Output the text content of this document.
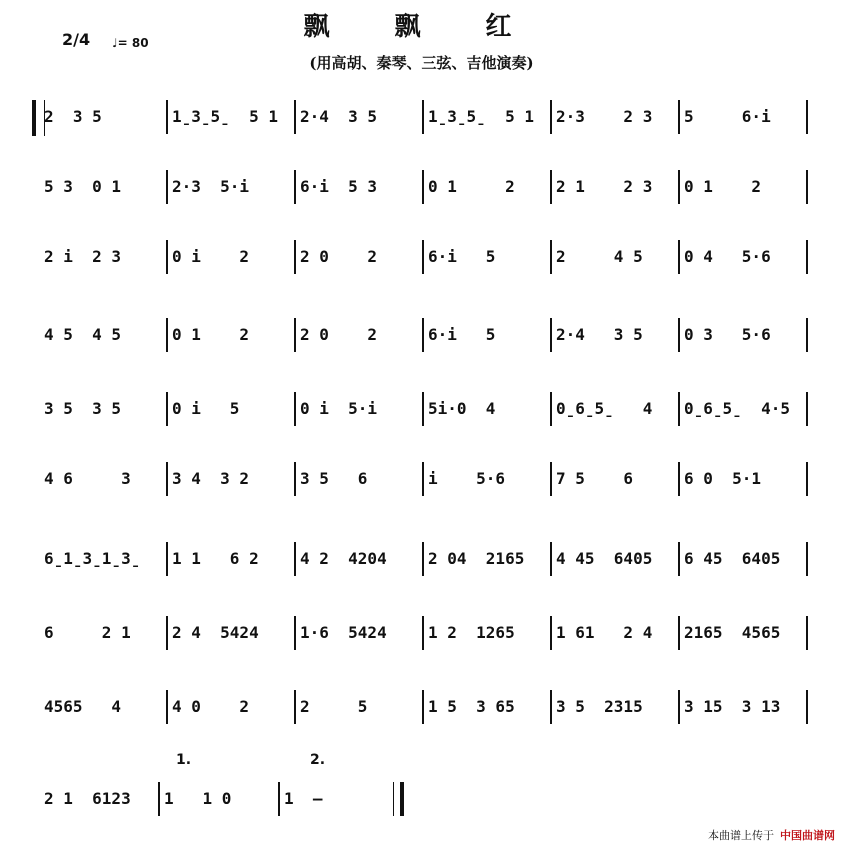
飘 飘 红
(用高胡、秦琴、三弦、吉他演奏)
2/4 ♩= 80
2  3 5	1̱3̱5̱  5 1	2·4  3 5	1̱3̱5̱  5 1	2·3    2 3	5     6·i
5 3  0 1	2·3  5·i	6·i  5 3	0 1     2	2 1    2 3	0 1    2
2 i  2 3	0 i    2	2 0    2	6·i   5	2     4 5	0 4   5·6
4 5  4 5	0 1    2	2 0    2	6·i   5	2·4   3 5	0 3   5·6
3 5  3 5	0 i   5	0 i  5·i	5i·0  4	0̱6̱5̱   4	0̱6̱5̱  4·5
4 6     3	3 4  3 2	3 5   6	i    5·6	7 5    6	6 0  5·1
6̱1̱3̱1̱3̱	1 1   6 2	4 2  4204	2 04  2165	4 45  6405	6 45  6405
6     2 1	2 4  5424	1·6  5424	1 2  1265	1 61   2 4	2165  4565
4565   4	4 0    2	2     5	1 5  3 65	3 5  2315	3 15  3 13
2 1  6123	1   1 0	1  —
1.	2.
本曲谱上传于 中国曲谱网
